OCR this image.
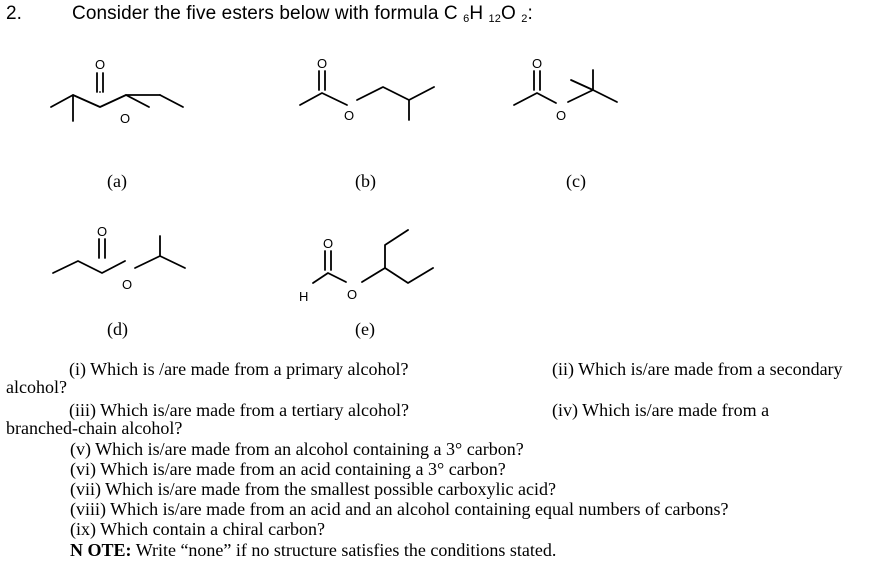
2.	Consider the five esters below with formula C $_6$H $_{12}$O $_2$:
O
O
O
O
O
O
O
O
O
H	O
(a)	(b)	(c)
(d)	(e)
(i) Which is /are made from a primary alcohol?	(ii) Which is/are made from a secondary
alcohol?
(iii) Which is/are made from a tertiary alcohol?	(iv) Which is/are made from a
branched-chain alcohol?
(v) Which is/are made from an alcohol containing a 3° carbon?
(vi) Which is/are made from an acid containing a 3° carbon?
(vii) Which is/are made from the smallest possible carboxylic acid?
(viii) Which is/are made from an acid and an alcohol containing equal numbers of carbons?
(ix) Which contain a chiral carbon?
N OTE: Write “none” if no structure satisfies the conditions stated.
